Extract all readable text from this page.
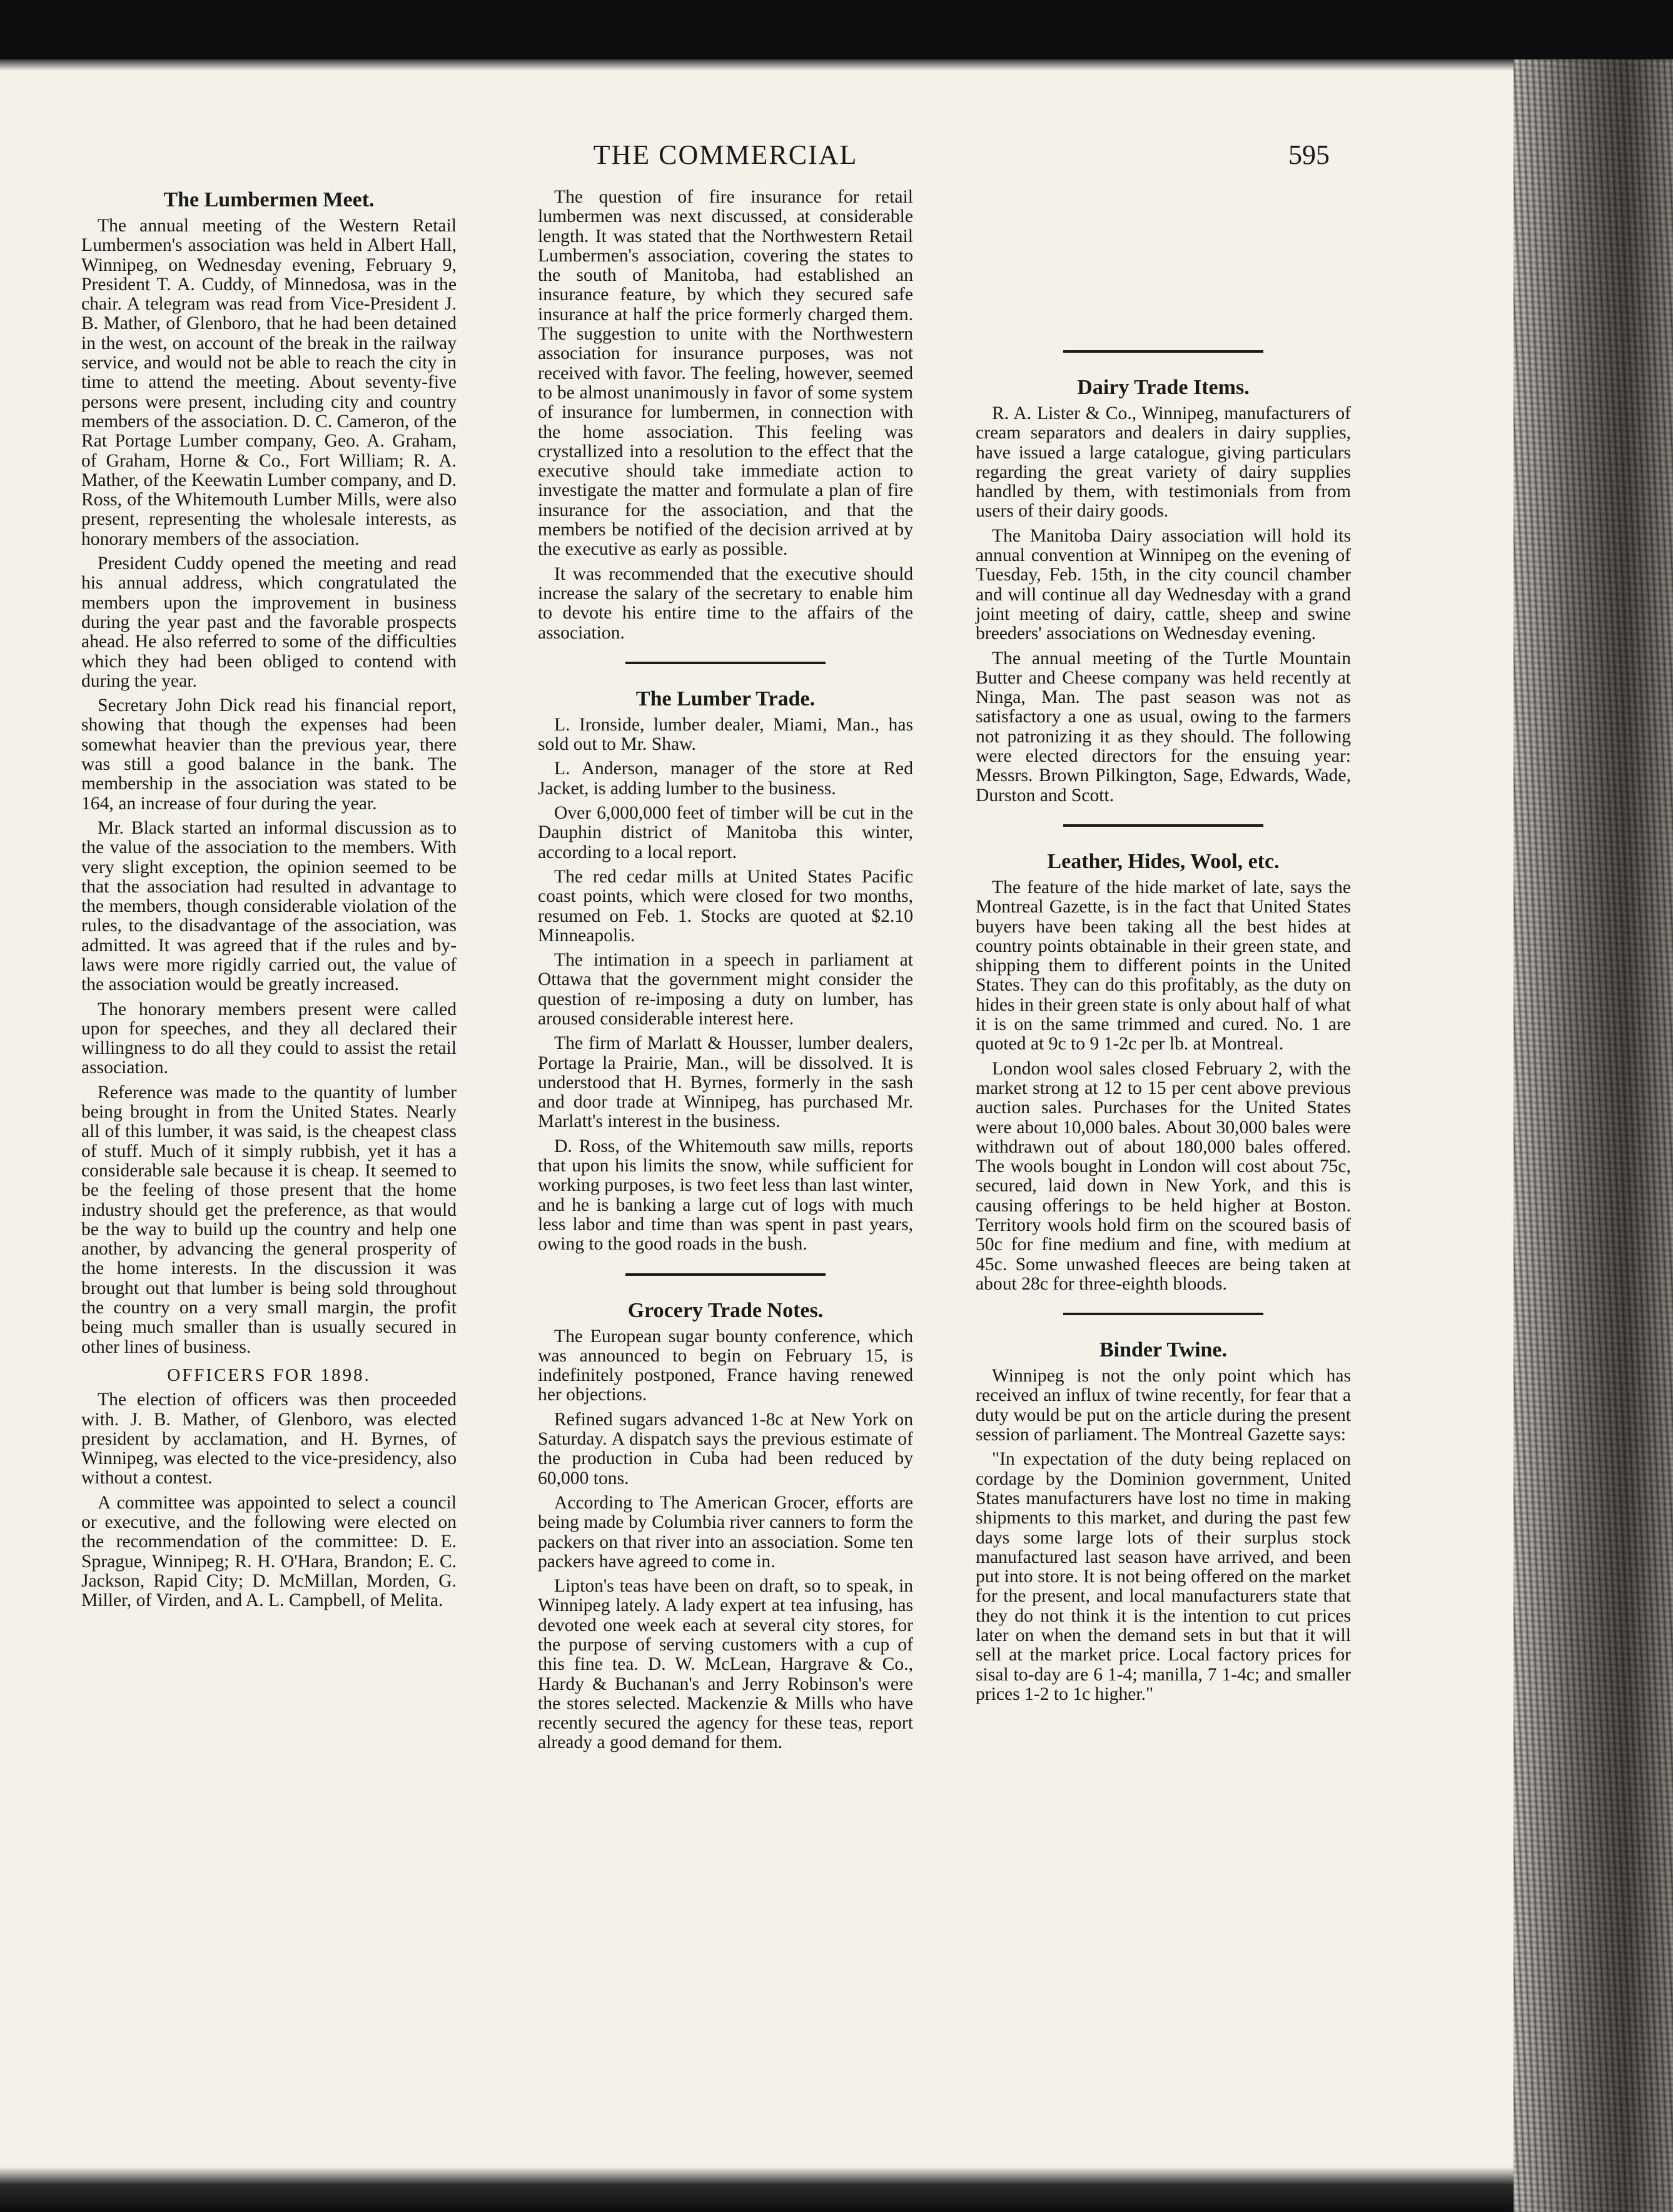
THE COMMERCIAL	595
The Lumbermen Meet.

The annual meeting of the Western Retail Lumbermen's association was held in Albert Hall, Winnipeg, on Wednesday evening, February 9, President T. A. Cuddy, of Minnedosa, was in the chair. A telegram was read from Vice-President J. B. Mather, of Glenboro, that he had been detained in the west, on account of the break in the railway service, and would not be able to reach the city in time to attend the meeting. About seventy-five persons were present, including city and country members of the association. D. C. Cameron, of the Rat Portage Lumber company, Geo. A. Graham, of Graham, Horne & Co., Fort William; R. A. Mather, of the Keewatin Lumber company, and D. Ross, of the Whitemouth Lumber Mills, were also present, representing the wholesale interests, as honorary members of the association.

President Cuddy opened the meeting and read his annual address, which congratulated the members upon the improvement in business during the year past and the favorable prospects ahead. He also referred to some of the difficulties which they had been obliged to contend with during the year.

Secretary John Dick read his financial report, showing that though the expenses had been somewhat heavier than the previous year, there was still a good balance in the bank. The membership in the association was stated to be 164, an increase of four during the year.

Mr. Black started an informal discussion as to the value of the association to the members. With very slight exception, the opinion seemed to be that the association had resulted in advantage to the members, though considerable violation of the rules, to the disadvantage of the association, was admitted. It was agreed that if the rules and by-laws were more rigidly carried out, the value of the association would be greatly increased.

The honorary members present were called upon for speeches, and they all declared their willingness to do all they could to assist the retail association.

Reference was made to the quantity of lumber being brought in from the United States. Nearly all of this lumber, it was said, is the cheapest class of stuff. Much of it simply rubbish, yet it has a considerable sale because it is cheap. It seemed to be the feeling of those present that the home industry should get the preference, as that would be the way to build up the country and help one another, by advancing the general prosperity of the home interests. In the discussion it was brought out that lumber is being sold throughout the country on a very small margin, the profit being much smaller than is usually secured in other lines of business.

OFFICERS FOR 1898.

The election of officers was then proceeded with. J. B. Mather, of Glenboro, was elected president by acclamation, and H. Byrnes, of Winnipeg, was elected to the vice-presidency, also without a contest.

A committee was appointed to select a council or executive, and the following were elected on the recommendation of the committee: D. E. Sprague, Winnipeg; R. H. O'Hara, Brandon; E. C. Jackson, Rapid City; D. McMillan, Morden, G. Miller, of Virden, and A. L. Campbell, of Melita.

The question of fire insurance for retail lumbermen was next discussed, at considerable length. It was stated that the Northwestern Retail Lumbermen's association, covering the states to the south of Manitoba, had established an insurance feature, by which they secured safe insurance at half the price formerly charged them. The suggestion to unite with the Northwestern association for insurance purposes, was not received with favor. The feeling, however, seemed to be almost unanimously in favor of some system of insurance for lumbermen, in connection with the home association. This feeling was crystallized into a resolution to the effect that the executive should take immediate action to investigate the matter and formulate a plan of fire insurance for the association, and that the members be notified of the decision arrived at by the executive as early as possible.

It was recommended that the executive should increase the salary of the secretary to enable him to devote his entire time to the affairs of the association.

The Lumber Trade.

L. Ironside, lumber dealer, Miami, Man., has sold out to Mr. Shaw.

L. Anderson, manager of the store at Red Jacket, is adding lumber to the business.

Over 6,000,000 feet of timber will be cut in the Dauphin district of Manitoba this winter, according to a local report.

The red cedar mills at United States Pacific coast points, which were closed for two months, resumed on Feb. 1. Stocks are quoted at $2.10 Minneapolis.

The intimation in a speech in parliament at Ottawa that the government might consider the question of re-imposing a duty on lumber, has aroused considerable interest here.

The firm of Marlatt & Housser, lumber dealers, Portage la Prairie, Man., will be dissolved. It is understood that H. Byrnes, formerly in the sash and door trade at Winnipeg, has purchased Mr. Marlatt's interest in the business.

D. Ross, of the Whitemouth saw mills, reports that upon his limits the snow, while sufficient for working purposes, is two feet less than last winter, and he is banking a large cut of logs with much less labor and time than was spent in past years, owing to the good roads in the bush.

Grocery Trade Notes.

The European sugar bounty conference, which was announced to begin on February 15, is indefinitely postponed, France having renewed her objections.

Refined sugars advanced 1-8c at New York on Saturday. A dispatch says the previous estimate of the production in Cuba had been reduced by 60,000 tons.

According to The American Grocer, efforts are being made by Columbia river canners to form the packers on that river into an association. Some ten packers have agreed to come in.

Lipton's teas have been on draft, so to speak, in Winnipeg lately. A lady expert at tea infusing, has devoted one week each at several city stores, for the purpose of serving customers with a cup of this fine tea. D. W. McLean, Hargrave & Co., Hardy & Buchanan's and Jerry Robinson's were the stores selected. Mackenzie & Mills who have recently secured the agency for these teas, report already a good demand for them.

Dairy Trade Items.

R. A. Lister & Co., Winnipeg, manufacturers of cream separators and dealers in dairy supplies, have issued a large catalogue, giving particulars regarding the great variety of dairy supplies handled by them, with testimonials from from users of their dairy goods.

The Manitoba Dairy association will hold its annual convention at Winnipeg on the evening of Tuesday, Feb. 15th, in the city council chamber and will continue all day Wednesday with a grand joint meeting of dairy, cattle, sheep and swine breeders' associations on Wednesday evening.

The annual meeting of the Turtle Mountain Butter and Cheese company was held recently at Ninga, Man. The past season was not as satisfactory a one as usual, owing to the farmers not patronizing it as they should. The following were elected directors for the ensuing year: Messrs. Brown Pilkington, Sage, Edwards, Wade, Durston and Scott.

Leather, Hides, Wool, etc.

The feature of the hide market of late, says the Montreal Gazette, is in the fact that United States buyers have been taking all the best hides at country points obtainable in their green state, and shipping them to different points in the United States. They can do this profitably, as the duty on hides in their green state is only about half of what it is on the same trimmed and cured. No. 1 are quoted at 9c to 9 1-2c per lb. at Montreal.

London wool sales closed February 2, with the market strong at 12 to 15 per cent above previous auction sales. Purchases for the United States were about 10,000 bales. About 30,000 bales were withdrawn out of about 180,000 bales offered. The wools bought in London will cost about 75c, secured, laid down in New York, and this is causing offerings to be held higher at Boston. Territory wools hold firm on the scoured basis of 50c for fine medium and fine, with medium at 45c. Some unwashed fleeces are being taken at about 28c for three-eighth bloods.

Binder Twine.

Winnipeg is not the only point which has received an influx of twine recently, for fear that a duty would be put on the article during the present session of parliament. The Montreal Gazette says:

"In expectation of the duty being replaced on cordage by the Dominion government, United States manufacturers have lost no time in making shipments to this market, and during the past few days some large lots of their surplus stock manufactured last season have arrived, and been put into store. It is not being offered on the market for the present, and local manufacturers state that they do not think it is the intention to cut prices later on when the demand sets in but that it will sell at the market price. Local factory prices for sisal to-day are 6 1-4; manilla, 7 1-4c; and smaller prices 1-2 to 1c higher."
